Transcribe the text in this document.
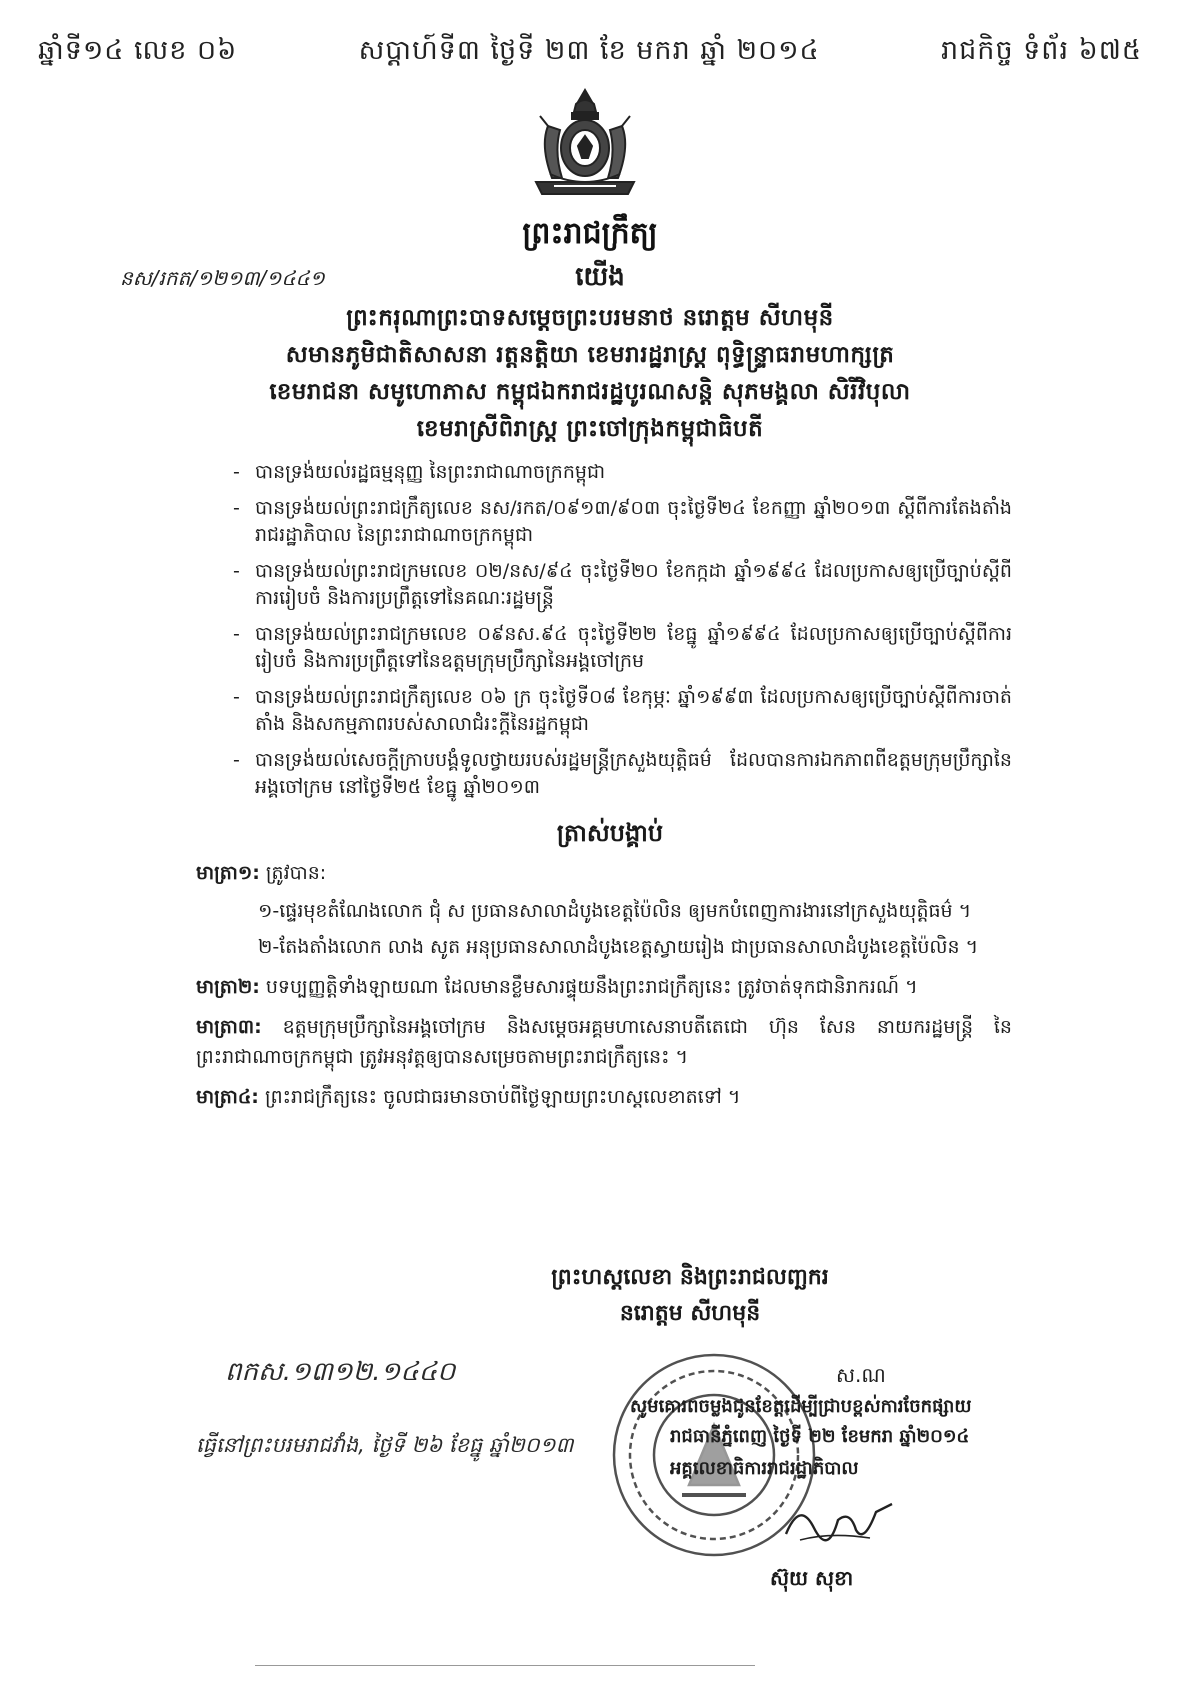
ឆ្នាំទី១៤ លេខ ០៦	សប្តាហ៍ទី៣ ថ្ងៃទី ២៣ ខែ មករា ឆ្នាំ ២០១៤	រាជកិច្ច ទំព័រ ៦៧៥
ព្រះរាជក្រឹត្យ
នស/រកត/១២១៣/១៤៤១	យើង
ព្រះករុណាព្រះបាទសម្តេចព្រះបរមនាថ នរោត្តម សីហមុនី
សមានភូមិជាតិសាសនា រត្តនត្តិយា ខេមរារដ្ឋរាស្ត្រ ពុទ្ធិន្ទ្រាធរាមហាក្សត្រ
ខេមរាជនា សមូហោភាស កម្ពុជឯករាជរដ្ឋបូរណសន្តិ សុភមង្គលា សិរីវិបុលា
ខេមរាស្រីពិរាស្ត្រ ព្រះចៅក្រុងកម្ពុជាធិបតី
- បានទ្រង់យល់រដ្ឋធម្មនុញ្ញ នៃព្រះរាជាណាចក្រកម្ពុជា
- បានទ្រង់យល់ព្រះរាជក្រឹត្យលេខ នស/រកត/០៩១៣/៩០៣ ចុះថ្ងៃទី២៤ ខែកញ្ញា ឆ្នាំ២០១៣ ស្តីពីការតែងតាំងរាជរដ្ឋាភិបាល នៃព្រះរាជាណាចក្រកម្ពុជា
- បានទ្រង់យល់ព្រះរាជក្រមលេខ ០២/នស/៩៤ ចុះថ្ងៃទី២០ ខែកក្កដា ឆ្នាំ១៩៩៤ ដែលប្រកាសឲ្យប្រើច្បាប់ស្តីពីការរៀបចំ និងការប្រព្រឹត្តទៅនៃគណៈរដ្ឋមន្ត្រី
- បានទ្រង់យល់ព្រះរាជក្រមលេខ ០៩នស.៩៤ ចុះថ្ងៃទី២២ ខែធ្នូ ឆ្នាំ១៩៩៤ ដែលប្រកាសឲ្យប្រើច្បាប់ស្តីពីការរៀបចំ និងការប្រព្រឹត្តទៅនៃឧត្តមក្រុមប្រឹក្សានៃអង្គចៅក្រម
- បានទ្រង់យល់ព្រះរាជក្រឹត្យលេខ ០៦ ក្រ ចុះថ្ងៃទី០៨ ខែកុម្ភៈ ឆ្នាំ១៩៩៣ ដែលប្រកាសឲ្យប្រើច្បាប់ស្តីពីការចាត់តាំង និងសកម្មភាពរបស់សាលាជំរះក្តីនៃរដ្ឋកម្ពុជា
- បានទ្រង់យល់សេចក្តីក្រាបបង្គំទូលថ្វាយរបស់រដ្ឋមន្ត្រីក្រសួងយុត្តិធម៌ ដែលបានការឯកភាពពីឧត្តមក្រុមប្រឹក្សានៃអង្គចៅក្រម នៅថ្ងៃទី២៥ ខែធ្នូ ឆ្នាំ២០១៣
ត្រាស់បង្គាប់
មាត្រា១: ត្រូវបាន:
១-ផ្ទេរមុខតំណែងលោក ជុំ ស ប្រធានសាលាដំបូងខេត្តប៉ៃលិន ឲ្យមកបំពេញការងារនៅក្រសួងយុត្តិធម៌ ។
២-តែងតាំងលោក លាង សូត អនុប្រធានសាលាដំបូងខេត្តស្វាយរៀង ជាប្រធានសាលាដំបូងខេត្តប៉ៃលិន ។
មាត្រា២: បទប្បញ្ញត្តិទាំងឡាយណា ដែលមានខ្លឹមសារផ្ទុយនឹងព្រះរាជក្រឹត្យនេះ ត្រូវចាត់ទុកជានិរាករណ៍ ។
មាត្រា៣: ឧត្តមក្រុមប្រឹក្សានៃអង្គចៅក្រម និងសម្តេចអគ្គមហាសេនាបតីតេជោ ហ៊ុន សែន នាយករដ្ឋមន្ត្រី នៃព្រះរាជាណាចក្រកម្ពុជា ត្រូវអនុវត្តឲ្យបានសម្រេចតាមព្រះរាជក្រឹត្យនេះ ។
មាត្រា៤: ព្រះរាជក្រឹត្យនេះ ចូលជាធរមានចាប់ពីថ្ងៃឡាយព្រះហស្តលេខាតទៅ ។
ព្រះហស្តលេខា និងព្រះរាជលញ្ឆករ
នរោត្តម សីហមុនី
ពកស.១៣១២.១៤៤០
ធ្វើនៅព្រះបរមរាជវាំង, ថ្ងៃទី ២៦ ខែធ្នូ ឆ្នាំ២០១៣
ស.ណ
សូមគោរពចម្លងជូនខែត្តដើម្បីជ្រាបខ្ពស់ការចែកផ្សាយ
រាជធានីភ្នំពេញ ថ្ងៃទី ២២ ខែមករា ឆ្នាំ២០១៤
អគ្គលេខាធិការរាជរដ្ឋាភិបាល
ស៊ុយ សុខា
